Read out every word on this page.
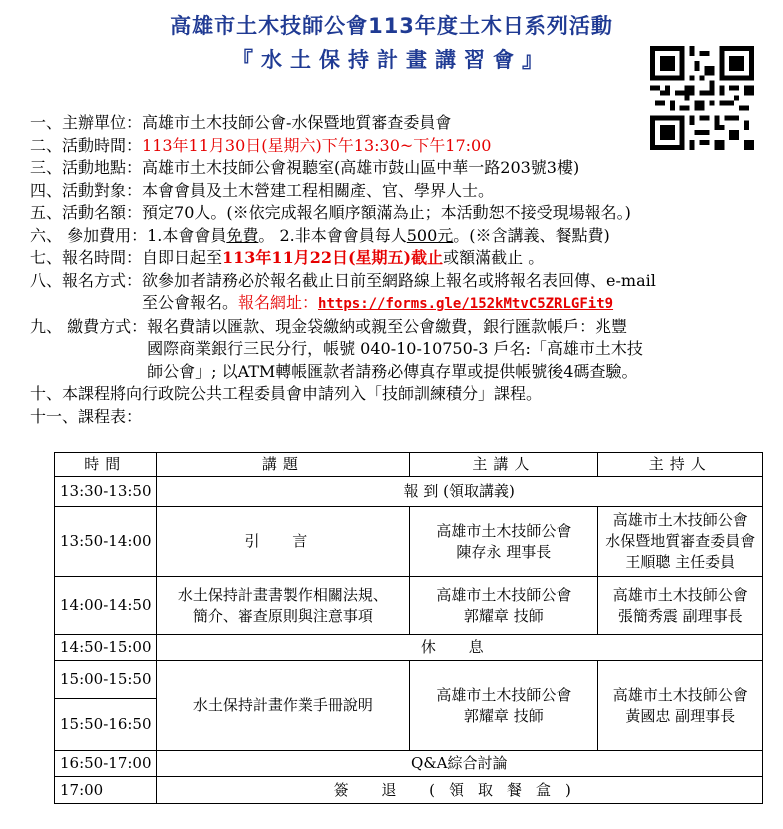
高雄市土木技師公會113年度土木日系列活動
『水土保持計畫講習會』
一、主辦單位： 高雄市土木技師公會-水保暨地質審查委員會
二、活動時間： 113年11月30日(星期六)下午13:30~下午17:00
三、活動地點： 高雄市土木技師公會視聽室(高雄市鼓山區中華一路203號3樓)
四、活動對象： 本會會員及土木營建工程相關產、官、學界人士。
五、活動名額： 預定70人。(※依完成報名順序額滿為止；本活動恕不接受現場報名。)
六、 參加費用： 1.本會會員免費。 2.非本會會員每人500元。(※含講義、餐點費)
七、報名時間： 自即日起至113年11月22日(星期五)截止或額滿截止 。
八、報名方式： 欲參加者請務必於報名截止日前至網路線上報名或將報名表回傳、e-mail
至公會報名。報名網址：https://forms.gle/152kMtvC5ZRLGFit9
九、 繳費方式： 報名費請以匯款、現金袋繳納或親至公會繳費，銀行匯款帳戶：兆豐
國際商業銀行三民分行，帳號 040-10-10750-3 戶名:「高雄市土木技
師公會」; 以ATM轉帳匯款者請務必傳真存單或提供帳號後4碼查驗。
十、 本課程將向行政院公共工程委員會申請列入「技師訓練積分」課程。
十一、課程表：
時間	講題	主講人	主持人
13:30-13:50	報 到 (領取講義)		
13:50-14:00	引 言	高雄市土木技師公會
陳存永 理事長	高雄市土木技師公會
水保暨地質審查委員會
王順聰 主任委員
14:00-14:50	水土保持計畫書製作相關法規、
簡介、審查原則與注意事項	高雄市土木技師公會
郭耀章 技師	高雄市土木技師公會
張簡秀震 副理事長
14:50-15:00	休 息		
15:00-15:50	水土保持計畫作業手冊說明	高雄市土木技師公會
郭耀章 技師	高雄市土木技師公會
黃國忠 副理事長
15:50-16:50			
16:50-17:00	Q&A綜合討論		
17:00	簽 退 (領取餐盒)		
